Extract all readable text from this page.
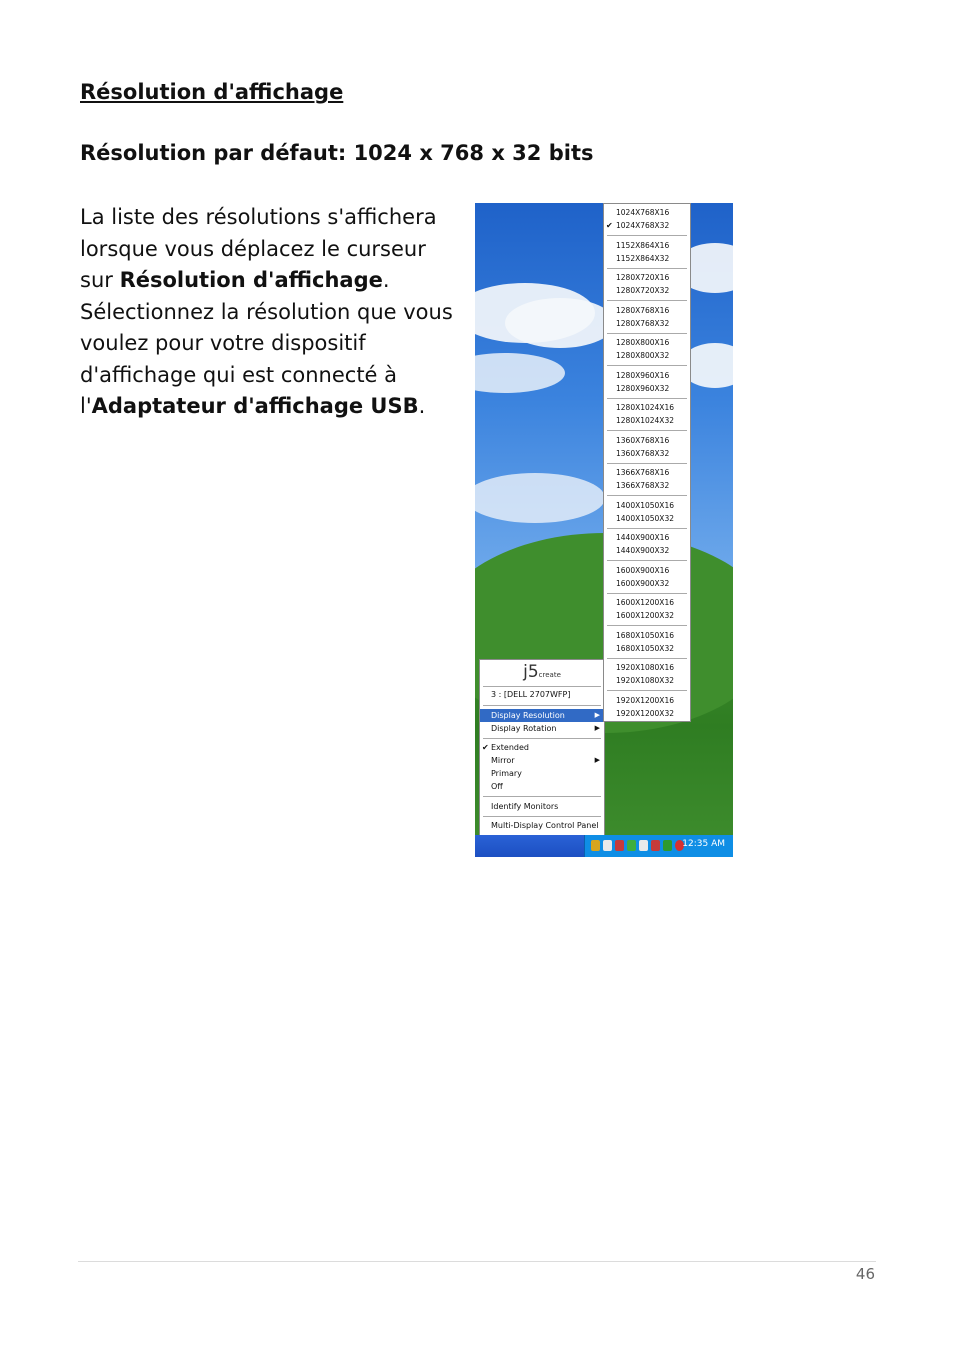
Résolution d'affichage
Résolution par défaut: 1024 x 768 x 32 bits

La liste des résolutions s'affichera lorsque vous déplacez le curseur sur Résolution d'affichage. Sélectionnez la résolution que vous voulez pour votre dispositif d'affichage qui est connecté à l'Adaptateur d'affichage USB.

j5create
3 : [DELL 2707WFP]
Display Resolution	▶
Display Rotation	▶
✔ Extended
Mirror	▶
Primary
Off
Identify Monitors
Multi-Display Control Panel
1024X768X16
✔ 1024X768X32
1152X864X16
1152X864X32
1280X720X16
1280X720X32
1280X768X16
1280X768X32
1280X800X16
1280X800X32
1280X960X16
1280X960X32
1280X1024X16
1280X1024X32
1360X768X16
1360X768X32
1366X768X16
1366X768X32
1400X1050X16
1400X1050X32
1440X900X16
1440X900X32
1600X900X16
1600X900X32
1600X1200X16
1600X1200X32
1680X1050X16
1680X1050X32
1920X1080X16
1920X1080X32
1920X1200X16
1920X1200X32
12:35 AM
46
